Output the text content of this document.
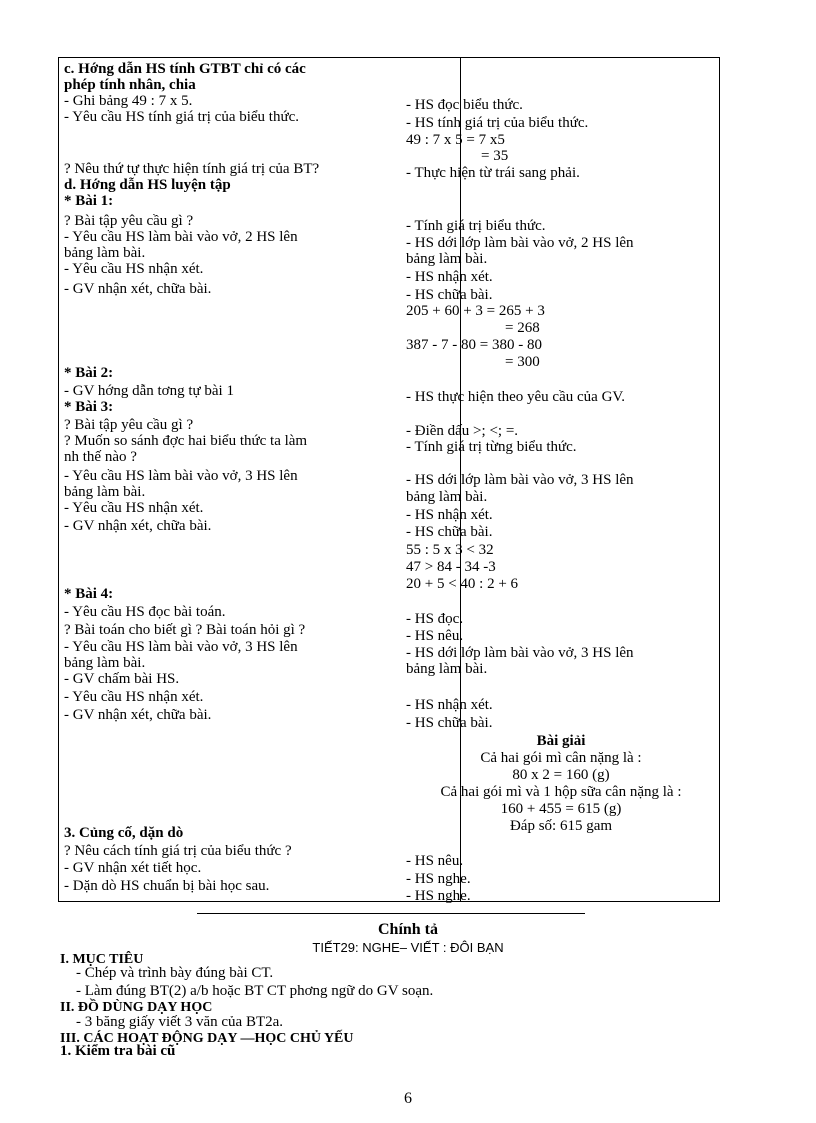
c. Hớng dẫn HS tính GTBT chỉ có các
phép tính nhân, chia
- Ghi bảng 49 : 7 x 5.
- Yêu cầu HS tính giá trị của biểu thức.
? Nêu thứ tự thực hiện tính giá trị của BT?
d. Hớng dẫn HS luyện tập
* Bài 1:
? Bài tập yêu cầu gì ?
- Yêu cầu HS làm bài vào vở, 2 HS lên
bảng làm bài.
- Yêu cầu HS nhận xét.
- GV nhận xét, chữa bài.
* Bài 2:
- GV hớng dẫn tơng tự bài 1
* Bài 3:
? Bài tập yêu cầu gì ?
? Muốn so sánh đợc hai biểu thức ta làm
nh thế nào ?
- Yêu cầu HS làm bài vào vở, 3 HS lên
bảng làm bài.
- Yêu cầu HS nhận xét.
- GV nhận xét, chữa bài.
* Bài 4:
- Yêu cầu HS đọc bài toán.
? Bài toán cho biết gì ? Bài toán hỏi gì ?
- Yêu cầu HS làm bài vào vở, 3 HS lên
bảng làm bài.
- GV chấm bài HS.
- Yêu cầu HS nhận xét.
- GV nhận xét, chữa bài.
3. Củng cố, dặn dò
? Nêu cách tính giá trị của biểu thức ?
- GV nhận xét tiết học.
- Dặn dò HS chuẩn bị bài học sau.
- HS đọc biểu thức.
- HS tính giá trị của biểu thức.
49 : 7 x 5 = 7 x5
= 35
- Thực hiện từ trái sang phải.
- Tính giá trị biểu thức.
- HS dới lớp làm bài vào vở, 2 HS lên
bảng làm bài.
- HS nhận xét.
- HS chữa bài.
205 + 60 + 3 = 265 + 3
= 268
387 - 7 - 80 = 380 - 80
= 300
- HS thực hiện theo yêu cầu của GV.
- Điền dấu >; <; =.
- Tính giá trị từng biểu thức.
- HS dới lớp làm bài vào vở, 3 HS lên
bảng làm bài.
- HS nhận xét.
- HS chữa bài.
55 : 5 x 3 < 32
47 > 84 - 34 -3
20 + 5 < 40 : 2 + 6
- HS đọc.
- HS nêu.
- HS dới lớp làm bài vào vở, 3 HS lên
bảng làm bài.
- HS nhận xét.
- HS chữa bài.
Bài giải
Cả hai gói mì cân nặng là :
80 x 2 = 160 (g)
Cả hai gói mì và 1 hộp sữa cân nặng là :
160 + 455 = 615 (g)
Đáp số: 615 gam
- HS nêu.
- HS nghe.
- HS nghe.
Chính tả
TIẾT29: NGHE– VIẾT : ĐÔI BẠN
I. MỤC TIÊU
- Chép và trình bày đúng bài CT.
- Làm đúng BT(2) a/b hoặc BT CT phơng ngữ do GV soạn.
II. ĐỒ DÙNG DẠY HỌC
- 3 băng giấy viết 3 văn của BT2a.
III. CÁC HOẠT ĐỘNG DẠY —HỌC CHỦ YẾU
1. Kiểm tra bài cũ
6
